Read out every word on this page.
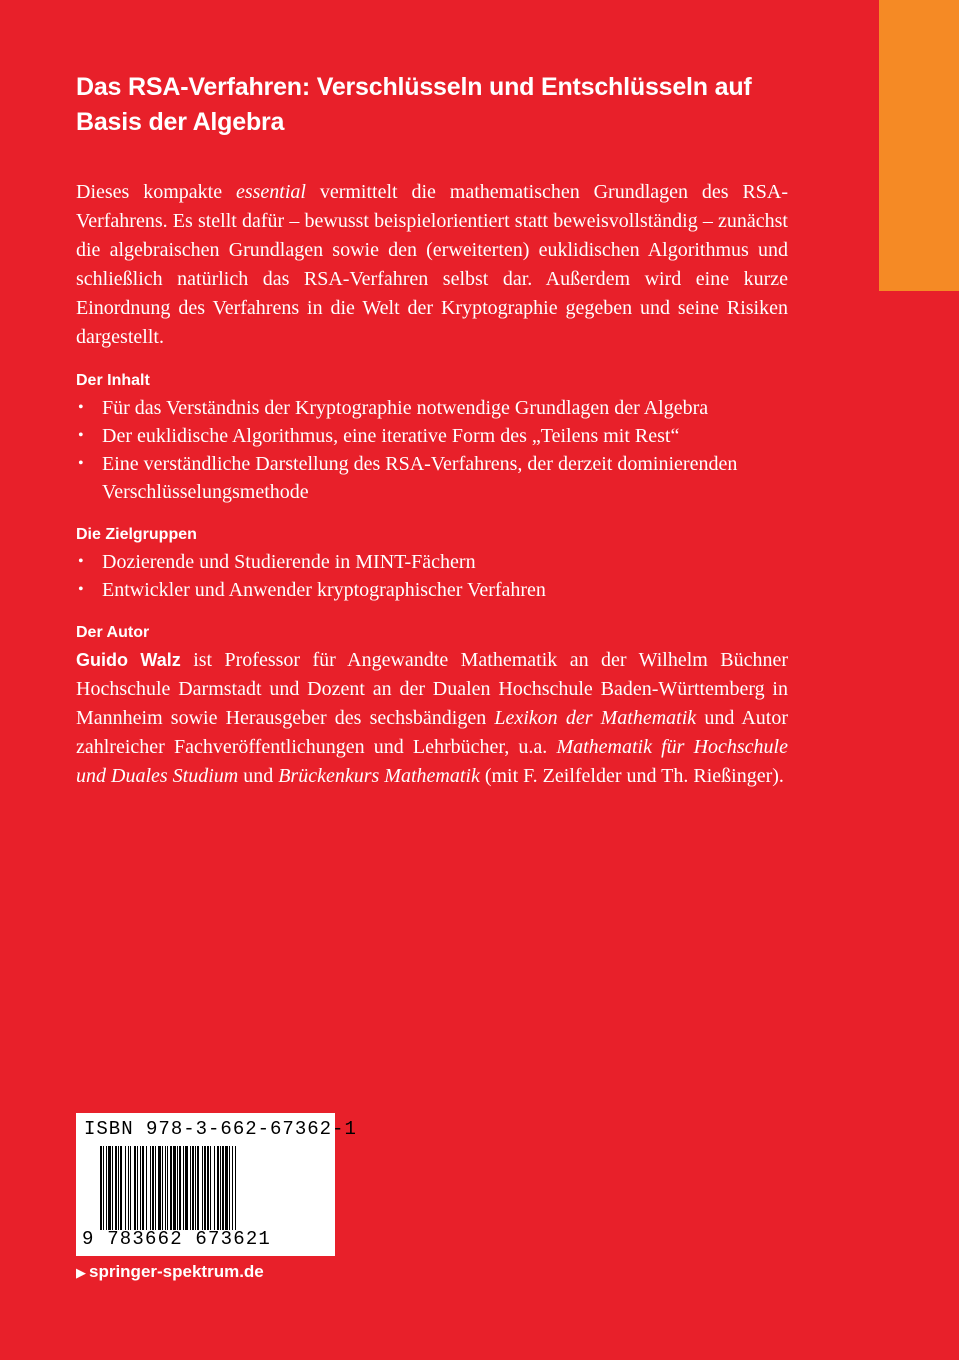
Das RSA-Verfahren: Verschlüsseln und Entschlüsseln auf Basis der Algebra

Dieses kompakte essential vermittelt die mathematischen Grundlagen des RSA-Verfahrens. Es stellt dafür – bewusst beispielorientiert statt beweisvollständig – zunächst die algebraischen Grundlagen sowie den (erweiterten) euklidischen Algorithmus und schließlich natürlich das RSA-Verfahren selbst dar. Außerdem wird eine kurze Einordnung des Verfahrens in die Welt der Kryptographie gegeben und seine Risiken dargestellt.

Der Inhalt
• Für das Verständnis der Kryptographie notwendige Grundlagen der Algebra
• Der euklidische Algorithmus, eine iterative Form des „Teilens mit Rest“
• Eine verständliche Darstellung des RSA-Verfahrens, der derzeit dominierenden Verschlüsselungsmethode
Die Zielgruppen
• Dozierende und Studierende in MINT-Fächern
• Entwickler und Anwender kryptographischer Verfahren
Der Autor

Guido Walz ist Professor für Angewandte Mathematik an der Wilhelm Büchner Hochschule Darmstadt und Dozent an der Dualen Hochschule Baden-Württemberg in Mannheim sowie Herausgeber des sechsbändigen Lexikon der Mathematik und Autor zahlreicher Fachveröffentlichungen und Lehrbücher, u.a. Mathematik für Hochschule und Duales Studium und Brückenkurs Mathematik (mit F. Zeilfelder und Th. Rießinger).

ISBN 978-3-662-67362-1
9 783662 673621
▶ springer-spektrum.de
